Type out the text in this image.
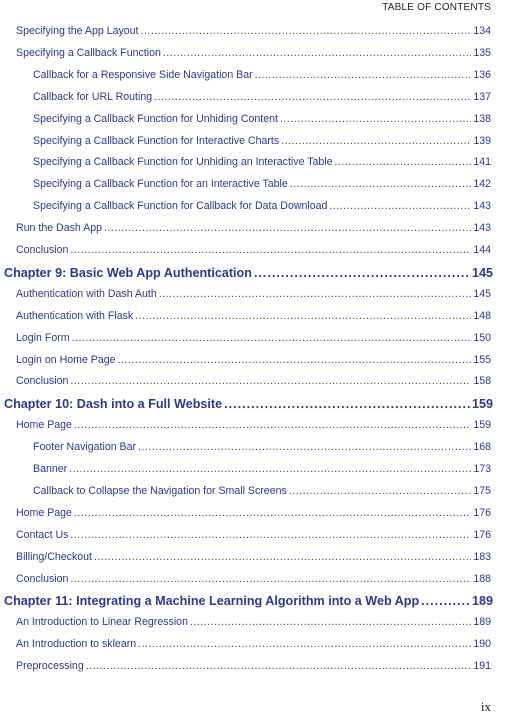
TABLE OF CONTENTS
Specifying the App Layout .....	134
Specifying a Callback Function .....	135
Callback for a Responsive Side Navigation Bar .....	136
Callback for URL Routing .....	137
Specifying a Callback Function for Unhiding Content .....	138
Specifying a Callback Function for Interactive Charts .....	139
Specifying a Callback Function for Unhiding an Interactive Table .....	141
Specifying a Callback Function for an Interactive Table .....	142
Specifying a Callback Function for Callback for Data Download .....	143
Run the Dash App .....	143
Conclusion .....	144
Chapter 9: Basic Web App Authentication .....	145
Authentication with Dash Auth .....	145
Authentication with Flask .....	148
Login Form .....	150
Login on Home Page .....	155
Conclusion .....	158
Chapter 10: Dash into a Full Website .....	159
Home Page .....	159
Footer Navigation Bar .....	168
Banner .....	173
Callback to Collapse the Navigation for Small Screens .....	175
Home Page .....	176
Contact Us .....	176
Billing/Checkout .....	183
Conclusion .....	188
Chapter 11: Integrating a Machine Learning Algorithm into a Web App .....	189
An Introduction to Linear Regression .....	189
An Introduction to sklearn .....	190
Preprocessing .....	191
ix
